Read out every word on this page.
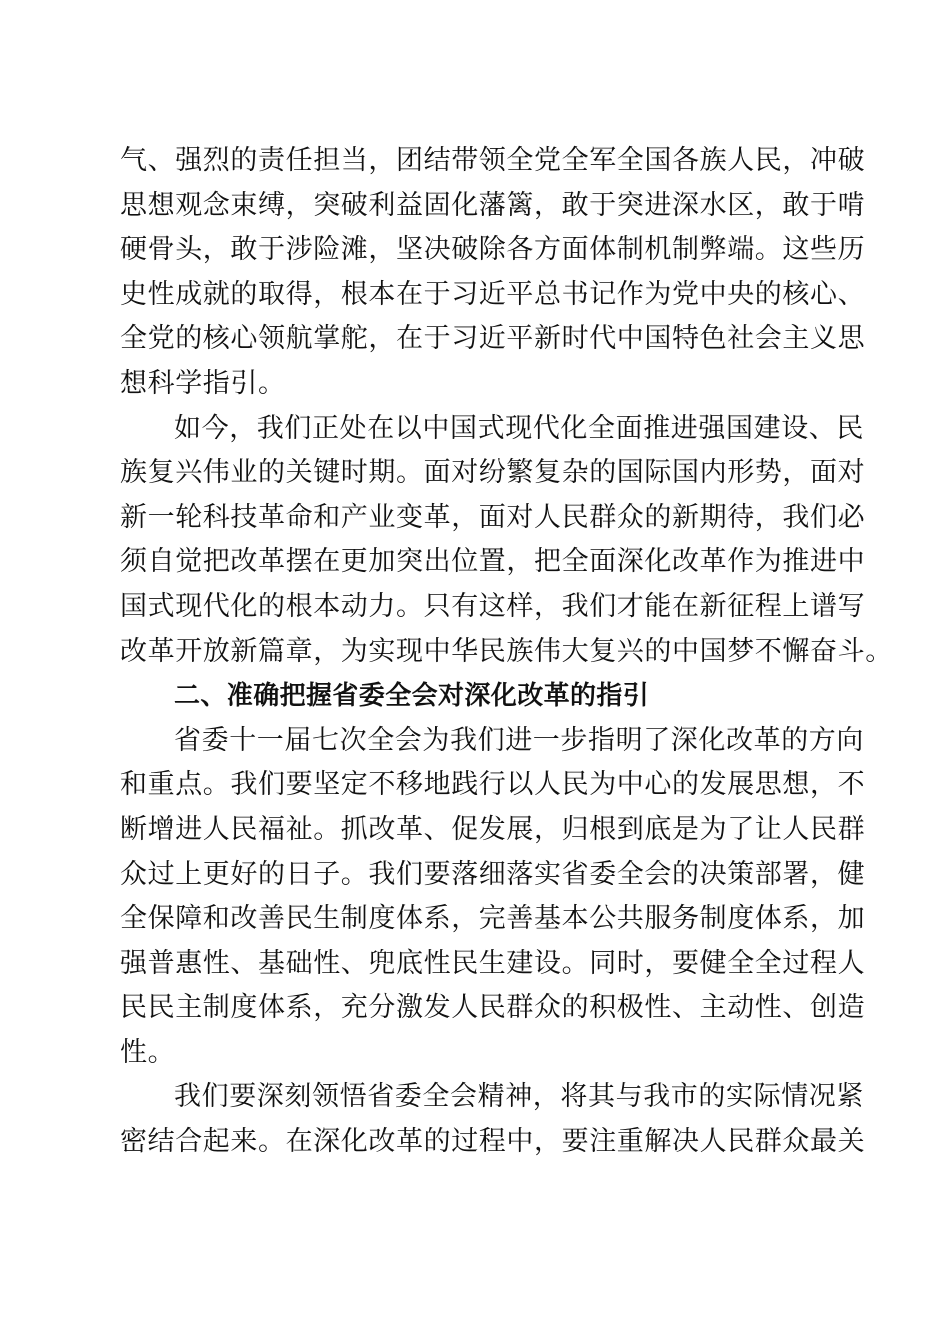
气、强烈的责任担当，团结带领全党全军全国各族人民，冲破
思想观念束缚，突破利益固化藩篱，敢于突进深水区，敢于啃
硬骨头，敢于涉险滩，坚决破除各方面体制机制弊端。这些历
史性成就的取得，根本在于习近平总书记作为党中央的核心、
全党的核心领航掌舵，在于习近平新时代中国特色社会主义思
想科学指引。
如今，我们正处在以中国式现代化全面推进强国建设、民
族复兴伟业的关键时期。面对纷繁复杂的国际国内形势，面对
新一轮科技革命和产业变革，面对人民群众的新期待，我们必
须自觉把改革摆在更加突出位置，把全面深化改革作为推进中
国式现代化的根本动力。只有这样，我们才能在新征程上谱写
改革开放新篇章，为实现中华民族伟大复兴的中国梦不懈奋斗。
二、准确把握省委全会对深化改革的指引
省委十一届七次全会为我们进一步指明了深化改革的方向
和重点。我们要坚定不移地践行以人民为中心的发展思想，不
断增进人民福祉。抓改革、促发展，归根到底是为了让人民群
众过上更好的日子。我们要落细落实省委全会的决策部署，健
全保障和改善民生制度体系，完善基本公共服务制度体系，加
强普惠性、基础性、兜底性民生建设。同时，要健全全过程人
民民主制度体系，充分激发人民群众的积极性、主动性、创造
性。
我们要深刻领悟省委全会精神，将其与我市的实际情况紧
密结合起来。在深化改革的过程中，要注重解决人民群众最关
